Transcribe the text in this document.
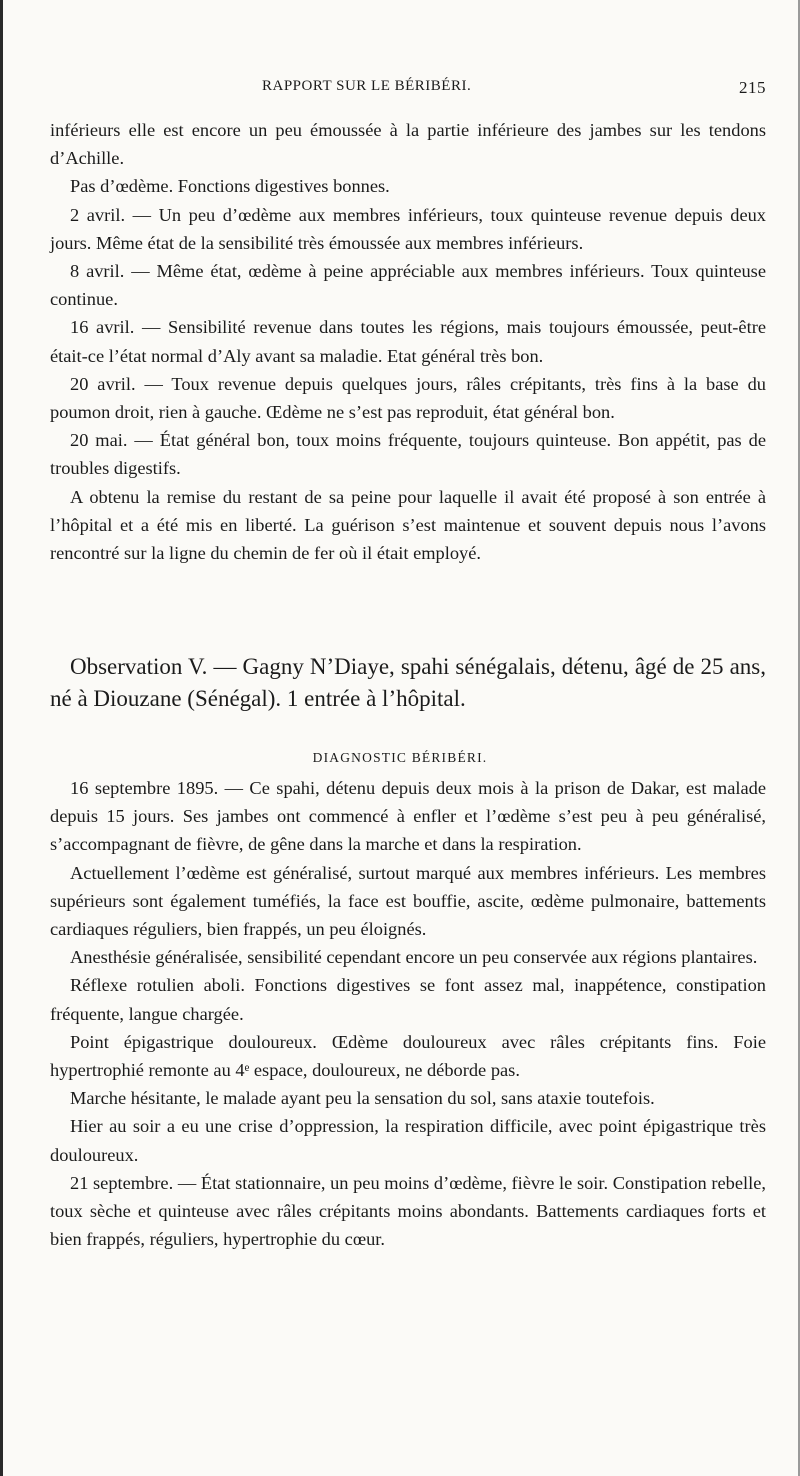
RAPPORT SUR LE BÉRIBÉRI.	215

inférieurs elle est encore un peu émoussée à la partie inférieure des jambes sur les tendons d’Achille.

Pas d’œdème. Fonctions digestives bonnes.

2 avril. — Un peu d’œdème aux membres inférieurs, toux quinteuse revenue depuis deux jours. Même état de la sensibilité très émoussée aux membres inférieurs.

8 avril. — Même état, œdème à peine appréciable aux membres inférieurs. Toux quinteuse continue.

16 avril. — Sensibilité revenue dans toutes les régions, mais toujours émoussée, peut-être était-ce l’état normal d’Aly avant sa maladie. Etat général très bon.

20 avril. — Toux revenue depuis quelques jours, râles crépitants, très fins à la base du poumon droit, rien à gauche. Œdème ne s’est pas reproduit, état général bon.

20 mai. — État général bon, toux moins fréquente, toujours quinteuse. Bon appétit, pas de troubles digestifs.

A obtenu la remise du restant de sa peine pour laquelle il avait été proposé à son entrée à l’hôpital et a été mis en liberté. La guérison s’est maintenue et souvent depuis nous l’avons rencontré sur la ligne du chemin de fer où il était employé.

Observation V. — Gagny N’Diaye, spahi sénégalais, détenu, âgé de 25 ans, né à Diouzane (Sénégal). 1 entrée à l’hôpital.

DIAGNOSTIC BÉRIBÉRI.

16 septembre 1895. — Ce spahi, détenu depuis deux mois à la prison de Dakar, est malade depuis 15 jours. Ses jambes ont commencé à enfler et l’œdème s’est peu à peu généralisé, s’accompagnant de fièvre, de gêne dans la marche et dans la respiration.

Actuellement l’œdème est généralisé, surtout marqué aux membres inférieurs. Les membres supérieurs sont également tuméfiés, la face est bouffie, ascite, œdème pulmonaire, battements cardiaques réguliers, bien frappés, un peu éloignés.

Anesthésie généralisée, sensibilité cependant encore un peu conservée aux régions plantaires.

Réflexe rotulien aboli. Fonctions digestives se font assez mal, inappétence, constipation fréquente, langue chargée.

Point épigastrique douloureux. Œdème douloureux avec râles crépitants fins. Foie hypertrophié remonte au 4ᵉ espace, douloureux, ne déborde pas.

Marche hésitante, le malade ayant peu la sensation du sol, sans ataxie toutefois.

Hier au soir a eu une crise d’oppression, la respiration difficile, avec point épigastrique très douloureux.

21 septembre. — État stationnaire, un peu moins d’œdème, fièvre le soir. Constipation rebelle, toux sèche et quinteuse avec râles crépitants moins abondants. Battements cardiaques forts et bien frappés, réguliers, hypertrophie du cœur.
